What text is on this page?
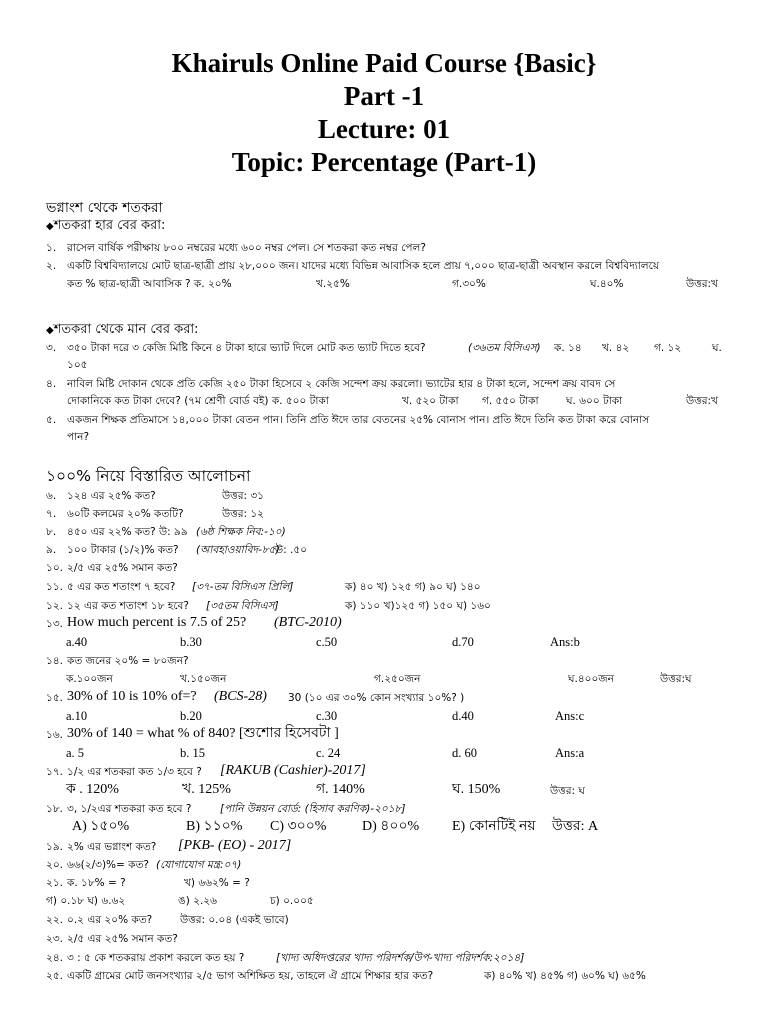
Khairuls Online Paid Course {Basic}
Part -1
Lecture: 01
Topic: Percentage (Part-1)
ভগ্নাংশ থেকে শতকরা
◆শতকরা হার বের করা:
১. রাসেল বার্ষিক পরীক্ষায় ৮০০ নম্বরের মধ্যে ৬০০ নম্বর পেল। সে শতকরা কত নম্বর পেল?
২. একটি বিশ্ববিদ্যালয়ে মোট ছাত্র-ছাত্রী প্রায় ২৮,০০০ জন। যাদের মধ্যে বিভিন্ন আবাসিক হলে প্রায় ৭,০০০ ছাত্র-ছাত্রী অবস্থান করলে বিশ্ববিদ্যালয়ে
কত % ছাত্র-ছাত্রী আবাসিক ? ক. ২০%	খ.২৫%	গ.৩০%	ঘ.৪০%	উত্তর:খ
◆শতকরা থেকে মান বের করা:
৩. ৩৫০ টাকা দরে ৩ কেজি মিষ্টি কিনে ৪ টাকা হারে ভ্যাট দিলে মোট কত ভ্যাট দিতে হবে?	(৩৬তম বিসিএস) ক. ১৪ খ. ৪২ গ. ১২	ঘ.
১০৫
৪. নাবিল মিষ্টি দোকান থেকে প্রতি কেজি ২৫০ টাকা হিসেবে ২ কেজি সন্দেশ ক্রয় করলো। ভ্যাটের হার ৪ টাকা হলে, সন্দেশ ক্রয় বাবদ সে
দোকানিকে কত টাকা দেবে? (৭ম শ্রেণী বোর্ড বই) ক. ৫০০ টাকা	খ. ৫২০ টাকা গ. ৫৫০ টাকা	ঘ. ৬০০ টাকা	উত্তর:খ
৫. একজন শিক্ষক প্রতিমাসে ১৪,০০০ টাকা বেতন পান। তিনি প্রতি ঈদে তার বেতনের ২৫% বোনাস পান। প্রতি ঈদে তিনি কত টাকা করে বোনাস
পান?
১০০% নিয়ে বিস্তারিত আলোচনা
৬. ১২৪ এর ২৫% কত?	উত্তর: ৩১
৭. ৬০টি কলমের ২০% কতটি?	উত্তর: ১২
৮. ৪৫০ এর ২২% কত? উ: ৯৯ (৬ষ্ঠ শিক্ষক নিব:-১০)
৯. ১০০ টাকার (১/২)% কত? (আবহাওয়াবিদ-৮৫)
উ: .৫০
১০. ২/৫ এর ২৫% সমান কত?
১১. ৫ এর কত শতাংশ ৭ হবে? [৩৭-তম বিসিএস প্রিলি]	ক) ৪০ খ) ১২৫ গ) ৯০ ঘ) ১৪০
১২. ১২ এর কত শতাংশ ১৮ হবে? [৩৫তম বিসিএস]	ক) ১১০ খ)১২৫ গ) ১৫০ ঘ) ১৬০
১৩. How much percent is 7.5 of 25? (BTC-2010)
a.40	b.30	c.50	d.70	Ans:b
১৪. কত জনের ২০% = ৮০জন?
ক.১০০জন	খ.১৫০জন	গ.২৫০জন	ঘ.৪০০জন	উত্তর:ঘ
১৫. 30% of 10 is 10% of=? (BCS-28) 30 (১০ এর ৩০% কোন সংখ্যার ১০%? )
a.10	b.20	c.30	d.40	Ans:c
১৬. 30% of 140 = what % of 840? [শুশোর হিসেবটা ]
a. 5	b. 15	c. 24	d. 60	Ans:a
১৭. ১/২ এর শতকরা কত ১/৩ হবে ? [RAKUB (Cashier)-2017]
ক . 120%	খ. 125%	গ. 140%	ঘ. 150%	উত্তর: ঘ
১৮. ৩, ১/২এর শতকরা কত হবে ?	[পানি উন্নয়ন বোর্ড: (হিসাব করণিক)-২০১৮]
A) ১৫০%	B) ১১০% C) ৩০০%	D) ৪০০% E) কোনটিই নয় উত্তর: A
১৯. ২% এর ভগ্নাংশ কত? [PKB- (EO) - 2017]
২০. ৬৬(২/৩)%= কত? (যোগাযোগ মন্ত্র:০৭)
২১. ক. ১৮% = ?	খ) ৬৬২% = ?
গ) ০.১৮ ঘ) ৬.৬২	ঙ) ২.২৬	চ) ০.০০৫
২২. ০.২ এর ২০% কত?	উত্তর: ০.০৪ (একই ভাবে)
২৩. ২/৫ এর ২৫% সমান কত?
২৪. ৩ : ৫ কে শতকরায় প্রকাশ করলে কত হয় ?	[খাদ্য অধিদপ্তরের খাদ্য পরিদর্শক/উপ-খাদ্য পরিদর্শক:২০১৪]
২৫. একটি গ্রামের মোট জনসংখ্যার ২/৫ ভাগ অশিক্ষিত হয়, তাহলে ঐ গ্রামে শিক্ষার হার কত?	ক) ৪০% খ) ৪৫% গ) ৬০% ঘ) ৬৫%
